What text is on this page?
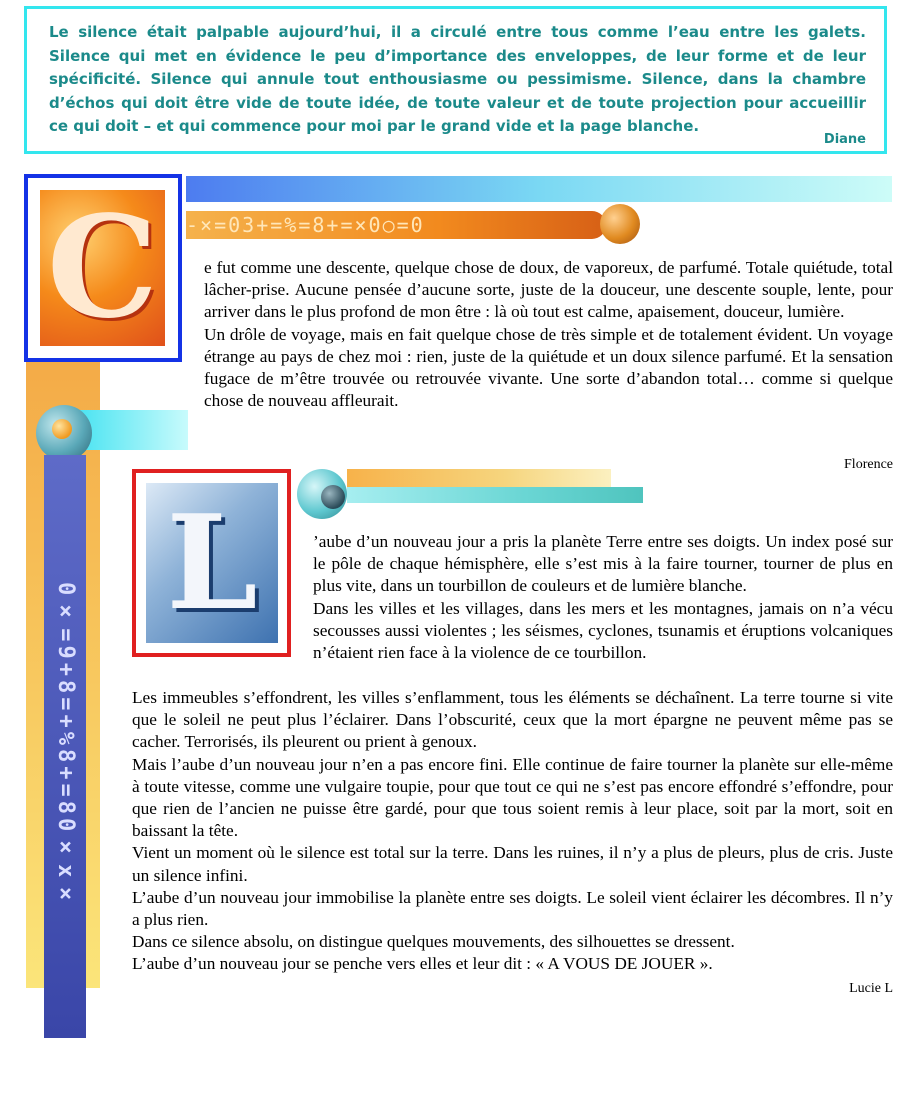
Le silence était palpable aujourd’hui, il a circulé entre tous comme l’eau entre les galets. Silence qui met en évidence le peu d’importance des enveloppes, de leur forme et de leur spécificité. Silence qui annule tout enthousiasme ou pessimisme. Silence, dans la chambre d’échos qui doit être vide de toute idée, de toute valeur et de toute projection pour accueillir ce qui doit – et qui commence pour moi par le grand vide et la page blanche.

Diane
-×=03+=%=8+=×0○=0
C
0×=9+8=+%8+=80×x×

e fut comme une descente, quelque chose de doux, de vaporeux, de parfumé. Totale quiétude, total lâcher-prise. Aucune pensée d’aucune sorte, juste de la douceur, une descente souple, lente, pour arriver dans le plus profond de mon être : là où tout est calme, apaisement, douceur, lumière.

Un drôle de voyage, mais en fait quelque chose de très simple et de totalement évident. Un voyage étrange au pays de chez moi : rien, juste de la quiétude et un doux silence parfumé. Et la sensation fugace de m’être trouvée ou retrouvée vivante. Une sorte d’abandon total… comme si quelque chose de nouveau affleurait.

Florence
L	’aube d’un nouveau jour a pris la planète Terre entre ses doigts. Un index posé sur le pôle de chaque hémisphère, elle s’est mis à la faire tourner, tourner de plus en plus vite, dans un tourbillon de couleurs et de lumière blanche.

Dans les villes et les villages, dans les mers et les montagnes, jamais on n’a vécu secousses aussi violentes ; les séismes, cyclones, tsunamis et éruptions volcaniques n’étaient rien face à la violence de ce tourbillon.

Les immeubles s’effondrent, les villes s’enflamment, tous les éléments se déchaînent. La terre tourne si vite que le soleil ne peut plus l’éclairer. Dans l’obscurité, ceux que la mort épargne ne peuvent même pas se cacher. Terrorisés, ils pleurent ou prient à genoux.

Mais l’aube d’un nouveau jour n’en a pas encore fini. Elle continue de faire tourner la planète sur elle-même à toute vitesse, comme une vulgaire toupie, pour que tout ce qui ne s’est pas encore effondré s’effondre, pour que rien de l’ancien ne puisse être gardé, pour que tous soient remis à leur place, soit par la mort, soit en baissant la tête.

Vient un moment où le silence est total sur la terre. Dans les ruines, il n’y a plus de pleurs, plus de cris. Juste un silence infini.

L’aube d’un nouveau jour immobilise la planète entre ses doigts. Le soleil vient éclairer les décombres. Il n’y a plus rien.

Dans ce silence absolu, on distingue quelques mouvements, des silhouettes se dressent.

L’aube d’un nouveau jour se penche vers elles et leur dit : « A VOUS DE JOUER ».

Lucie L
